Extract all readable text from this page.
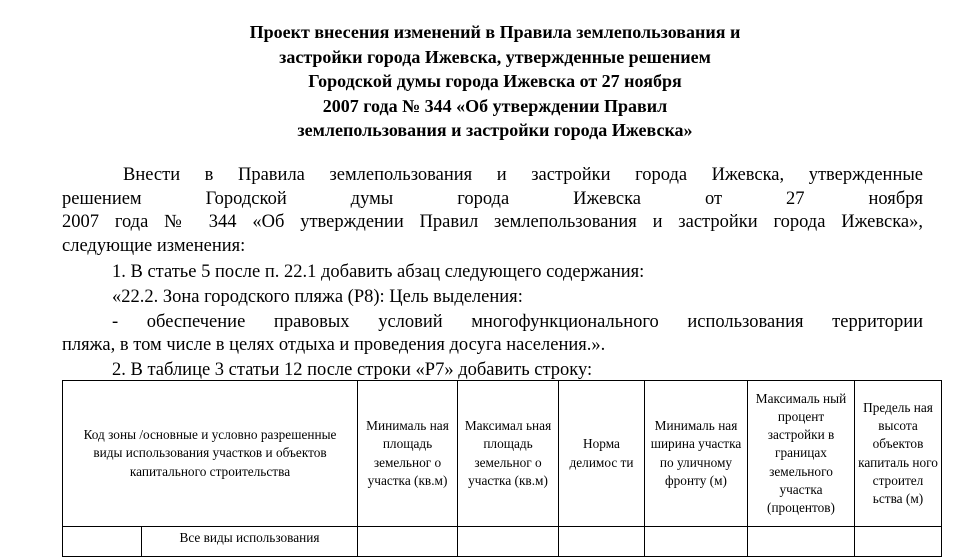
Проект внесения изменений в Правила землепользования и
застройки города Ижевска, утвержденные решением
Городской думы города Ижевска от 27 ноября
2007 года № 344 «Об утверждении Правил
землепользования и застройки города Ижевска»
Внести в Правила землепользования и застройки города Ижевска, утвержденные
решением Городской думы города Ижевска от 27 ноября
2007 года № 344 «Об утверждении Правил землепользования и застройки города Ижевска»,
следующие изменения:
1. В статье 5 после п. 22.1 добавить абзац следующего содержания:
«22.2. Зона городского пляжа (Р8): Цель выделения:
- обеспечение правовых условий многофункционального использования территории
пляжа, в том числе в целях отдыха и проведения досуга населения.».
2. В таблице 3 статьи 12 после строки «Р7» добавить строку:
Код зоны /основные и условно разрешенные виды использования участков и объектов капитального строительства		Минималь ная площадь земельног о участка (кв.м)	Максимал ьная площадь земельног о участка (кв.м)	Норма делимос ти	Минималь ная ширина участка по уличному фронту (м)	Максималь ный процент застройки в границах земельного участка (процентов)	Предель ная высота объектов капиталь ного строител ьства (м)
	Все виды использования						
